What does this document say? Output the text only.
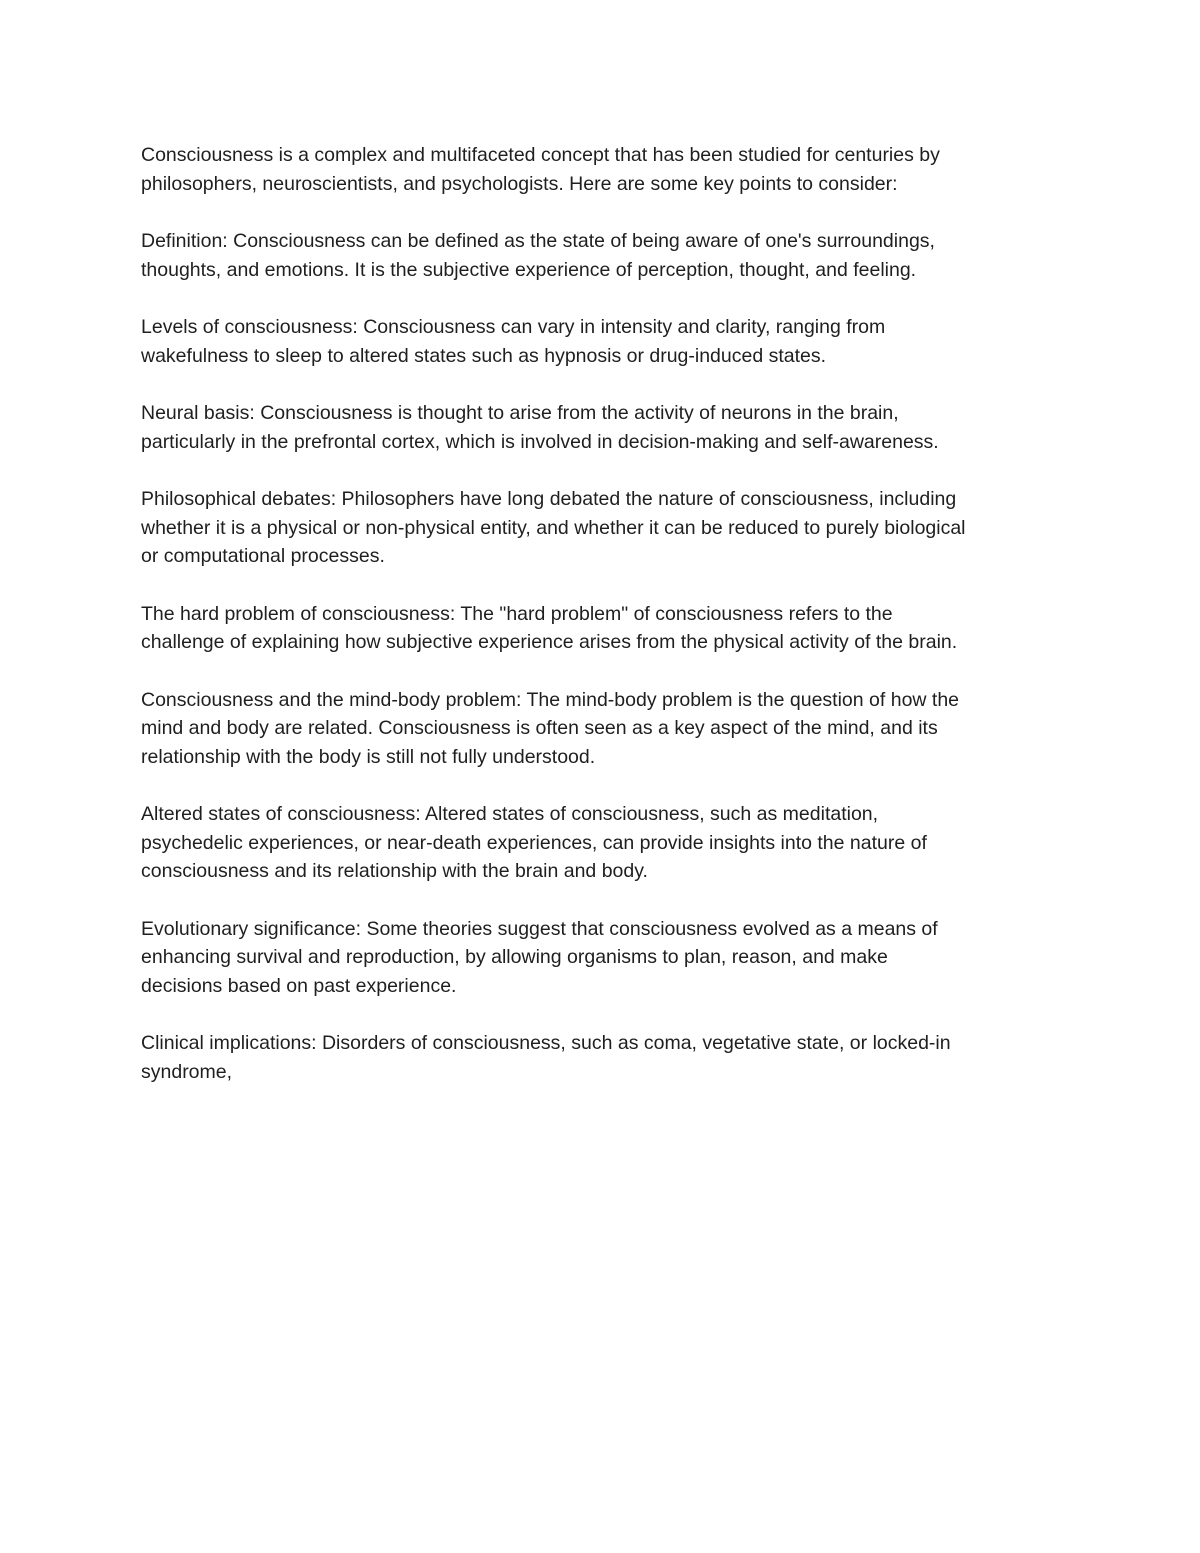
Consciousness is a complex and multifaceted concept that has been studied for centuries by
philosophers, neuroscientists, and psychologists. Here are some key points to consider:

Definition: Consciousness can be defined as the state of being aware of one's surroundings,
thoughts, and emotions. It is the subjective experience of perception, thought, and feeling.

Levels of consciousness: Consciousness can vary in intensity and clarity, ranging from
wakefulness to sleep to altered states such as hypnosis or drug-induced states.

Neural basis: Consciousness is thought to arise from the activity of neurons in the brain,
particularly in the prefrontal cortex, which is involved in decision-making and self-awareness.

Philosophical debates: Philosophers have long debated the nature of consciousness, including
whether it is a physical or non-physical entity, and whether it can be reduced to purely biological
or computational processes.

The hard problem of consciousness: The "hard problem" of consciousness refers to the
challenge of explaining how subjective experience arises from the physical activity of the brain.

Consciousness and the mind-body problem: The mind-body problem is the question of how the
mind and body are related. Consciousness is often seen as a key aspect of the mind, and its
relationship with the body is still not fully understood.

Altered states of consciousness: Altered states of consciousness, such as meditation,
psychedelic experiences, or near-death experiences, can provide insights into the nature of
consciousness and its relationship with the brain and body.

Evolutionary significance: Some theories suggest that consciousness evolved as a means of
enhancing survival and reproduction, by allowing organisms to plan, reason, and make
decisions based on past experience.

Clinical implications: Disorders of consciousness, such as coma, vegetative state, or locked-in
syndrome,
